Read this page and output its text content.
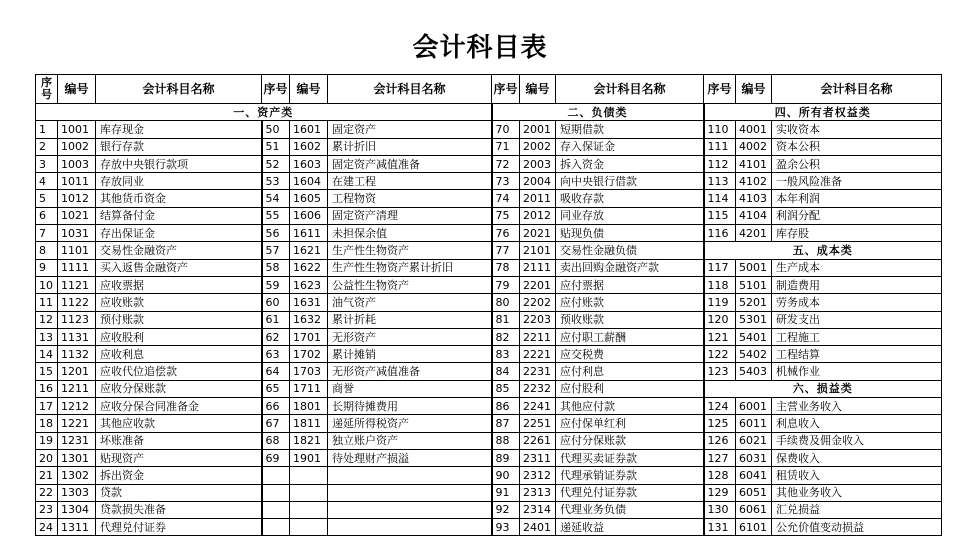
会计科目表
序
号	编号	会计科目名称	序号	编号	会计科目名称	序号	编号	会计科目名称	序号	编号	会计科目名称
一、资产类						二、负债类			四、所有者权益类		
1	1001	库存现金	50	1601	固定资产	70	2001	短期借款	110	4001	实收资本
2	1002	银行存款	51	1602	累计折旧	71	2002	存入保证金	111	4002	资本公积
3	1003	存放中央银行款项	52	1603	固定资产减值准备	72	2003	拆入资金	112	4101	盈余公积
4	1011	存放同业	53	1604	在建工程	73	2004	向中央银行借款	113	4102	一般风险准备
5	1012	其他货币资金	54	1605	工程物资	74	2011	吸收存款	114	4103	本年利润
6	1021	结算备付金	55	1606	固定资产清理	75	2012	同业存放	115	4104	利润分配
7	1031	存出保证金	56	1611	未担保余值	76	2021	贴现负债	116	4201	库存股
8	1101	交易性金融资产	57	1621	生产性生物资产	77	2101	交易性金融负债	五、成本类		
9	1111	买入返售金融资产	58	1622	生产性生物资产累计折旧	78	2111	卖出回购金融资产款	117	5001	生产成本
10	1121	应收票据	59	1623	公益性生物资产	79	2201	应付票据	118	5101	制造费用
11	1122	应收账款	60	1631	油气资产	80	2202	应付账款	119	5201	劳务成本
12	1123	预付账款	61	1632	累计折耗	81	2203	预收账款	120	5301	研发支出
13	1131	应收股利	62	1701	无形资产	82	2211	应付职工薪酬	121	5401	工程施工
14	1132	应收利息	63	1702	累计摊销	83	2221	应交税费	122	5402	工程结算
15	1201	应收代位追偿款	64	1703	无形资产减值准备	84	2231	应付利息	123	5403	机械作业
16	1211	应收分保账款	65	1711	商誉	85	2232	应付股利	六、损益类		
17	1212	应收分保合同准备金	66	1801	长期待摊费用	86	2241	其他应付款	124	6001	主营业务收入
18	1221	其他应收款	67	1811	递延所得税资产	87	2251	应付保单红利	125	6011	利息收入
19	1231	坏账准备	68	1821	独立账户资产	88	2261	应付分保账款	126	6021	手续费及佣金收入
20	1301	贴现资产	69	1901	待处理财产损溢	89	2311	代理买卖证券款	127	6031	保费收入
21	1302	拆出资金				90	2312	代理承销证券款	128	6041	租赁收入
22	1303	贷款				91	2313	代理兑付证券款	129	6051	其他业务收入
23	1304	贷款损失准备				92	2314	代理业务负债	130	6061	汇兑损益
24	1311	代理兑付证券				93	2401	递延收益	131	6101	公允价值变动损益
